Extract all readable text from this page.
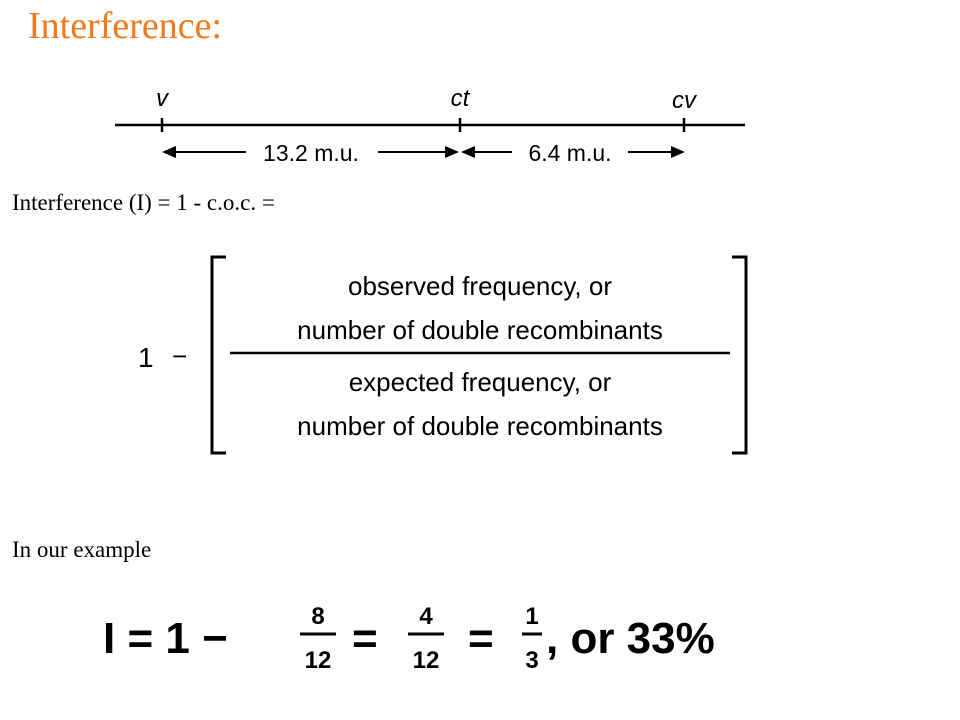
Interference:
v	ct	cv
13.2 m.u.	6.4 m.u.
Interference (I) = 1 - c.o.c. =
1 −
observed frequency, or
number of double recombinants
expected frequency, or
number of double recombinants
In our example
I = 1 −	8
12 = 4
12 = 1
3 , or 33%
